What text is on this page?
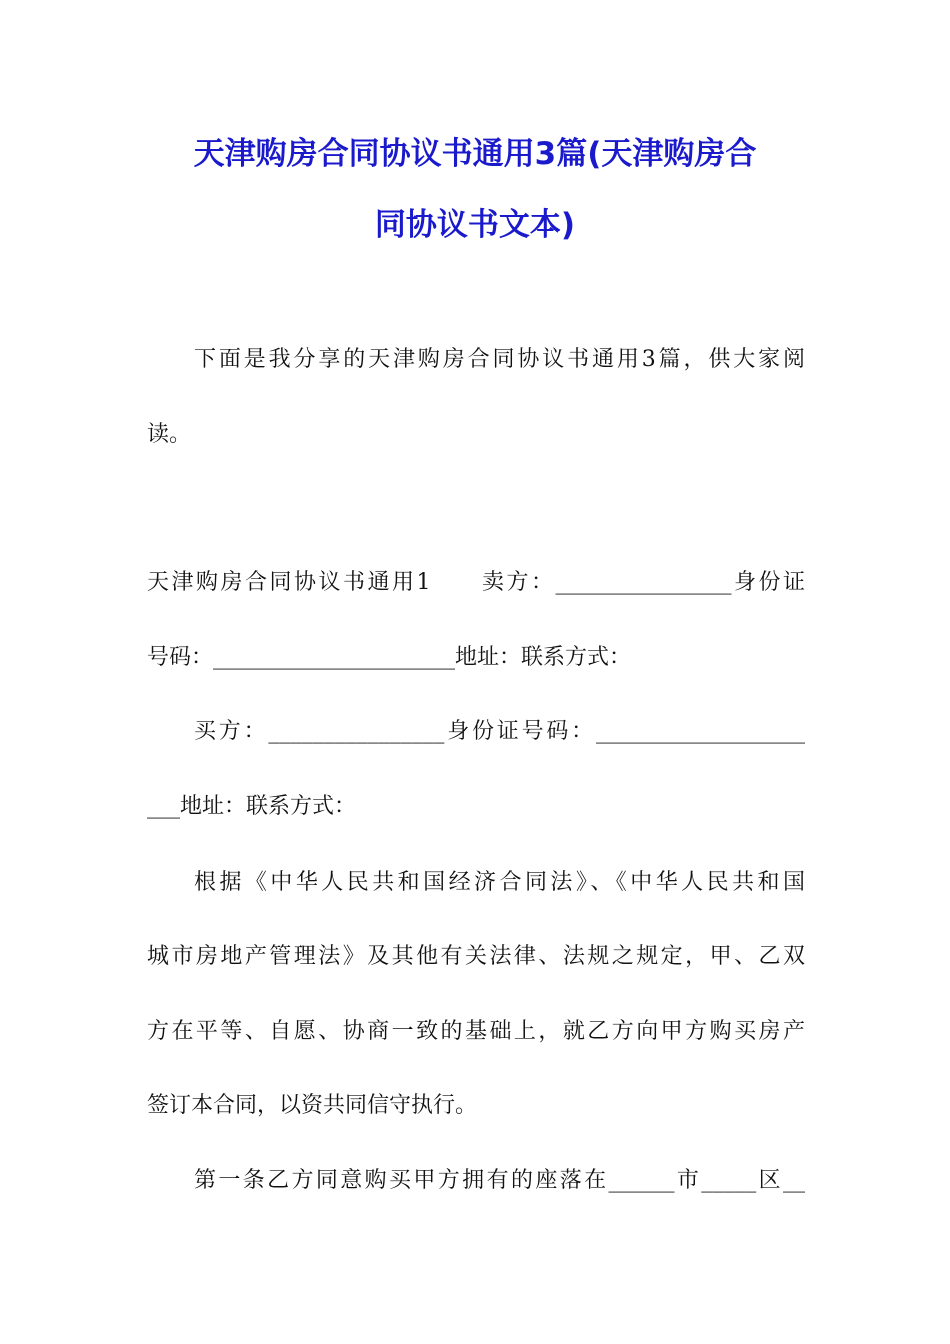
天津购房合同协议书通用3篇(天津购房合
同协议书文本)
下面是我分享的天津购房合同协议书通用3篇，供大家阅
读。
天津购房合同协议书通用1　　卖方：________________身份证
号码：______________________地址：联系方式：
买方：________________身份证号码：___________________
___地址：联系方式：
根据《中华人民共和国经济合同法》、《中华人民共和国
城市房地产管理法》及其他有关法律、法规之规定，甲、乙双
方在平等、自愿、协商一致的基础上，就乙方向甲方购买房产
签订本合同，以资共同信守执行。
第一条乙方同意购买甲方拥有的座落在______市_____区__
